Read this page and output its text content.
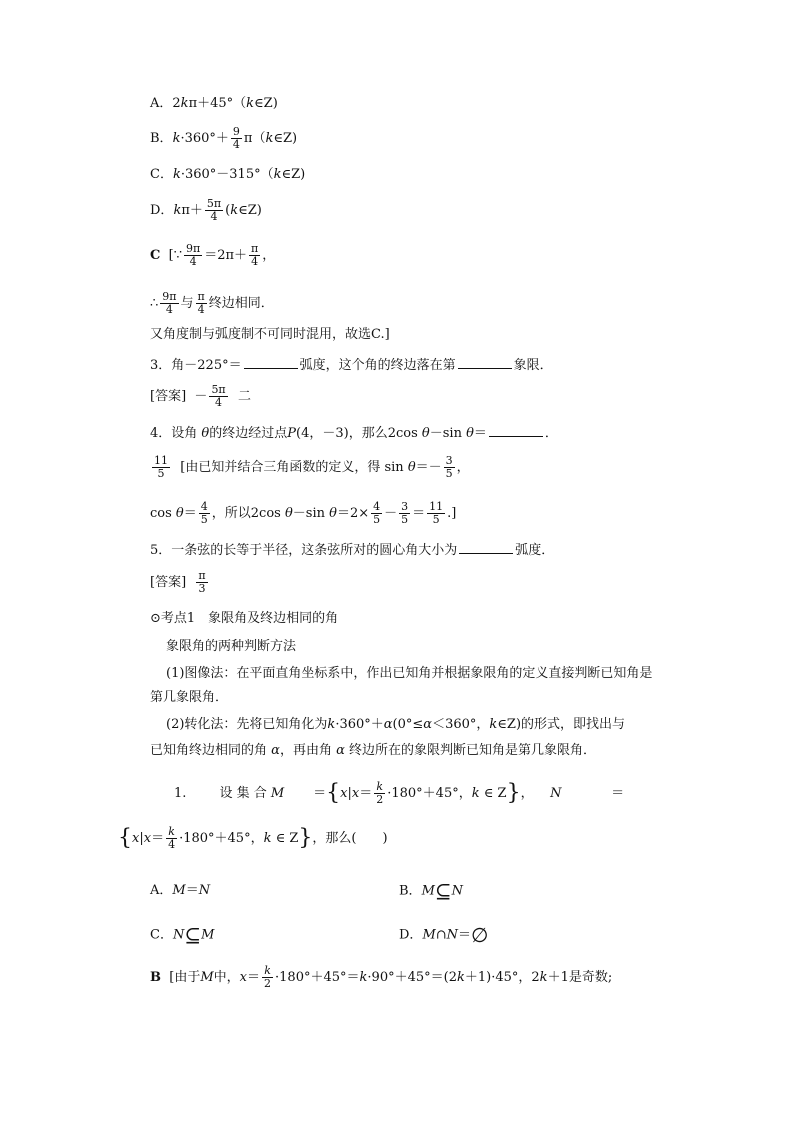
A．2kπ＋45°（k∈Z)
B．$k\cdot 360^\circ+ \frac{9}{4}$ π（k∈Z)
C．k·360°－315°（k∈Z)
D．$k\pi+ \frac{5\pi}{4}$ (k∈Z)
C [∵ $\frac{9\pi}{4} =2\pi+ \frac{\pi}{4}$ ，
∴ $\frac{9\pi}{4}$ 与 $\frac{\pi}{4}$ 终边相同．
又角度制与弧度制不可同时混用，故选C.]
3．角－225°＝	弧度，这个角的终边落在第	象限．
[答案] － $\frac{5\pi}{4}$ 二
4．设角 θ的终边经过点P(4，－3)，那么2cos θ－sin θ＝	．
$\frac{11}{5}$ [由已知并结合三角函数的定义，得 $\sin \theta=- \frac{3}{5}$ ，
$\cos \theta= \frac{4}{5}$ ，所以2cos θ－sin $\theta=2\times \frac{4}{5} - \frac{3}{5} = \frac{11}{5}$ .]
5．一条弦的长等于半径，这条弦所对的圆心角大小为	弧度．
[答案] $\frac{\pi}{3}$
⊙考点1　象限角及终边相同的角
象限角的两种判断方法
(1)图像法：在平面直角坐标系中，作出已知角并根据象限角的定义直接判断已知角是
第几象限角．
(2)转化法：先将已知角化为k·360°＋α(0°≤α＜360°，k∈Z)的形式，即找出与
已知角终边相同的角 α，再由角 α 终边所在的象限判断已知角是第几象限角．
1.	设 集 合 $M =\{x|x= \frac{k}{2} \cdot 180^\circ+45^\circ$，k ∈ Z}， N	＝
{$x|x= \frac{k}{4} \cdot 180^\circ+45^\circ$，k ∈ Z}，那么(　　)
A．M＝N	B．M⊆N
C．N⊆M	D．M∩N＝∅
B [由于M中，$x= \frac{k}{2} \cdot 180^\circ+45^\circ=k\cdot 90^\circ+45^\circ=(2k+1)\cdot 45^\circ$，2k＋1是奇数;
